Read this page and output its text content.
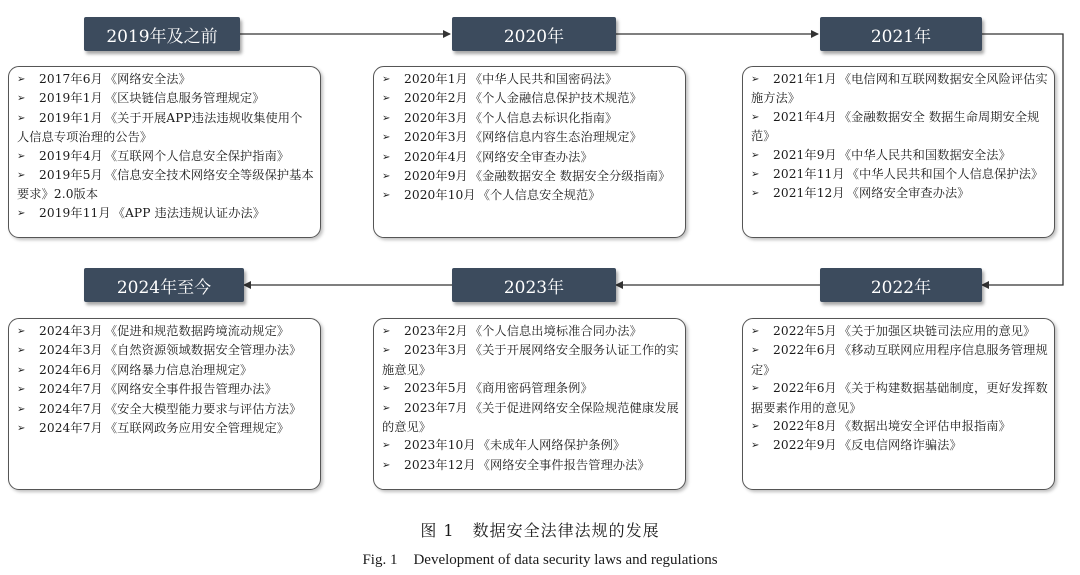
2019年及之前	2020年	2021年
2022年
2023年
2024年至今
➢2017年6月 《网络安全法》
➢2019年1月 《区块链信息服务管理规定》
➢2019年1月 《关于开展APP违法违规收集使用个人信息专项治理的公告》
➢2019年4月 《互联网个人信息安全保护指南》
➢2019年5月 《信息安全技术网络安全等级保护基本要求》2.0版本
➢2019年11月 《APP 违法违规认证办法》
➢2020年1月 《中华人民共和国密码法》
➢2020年2月 《个人金融信息保护技术规范》
➢2020年3月 《个人信息去标识化指南》
➢2020年3月 《网络信息内容生态治理规定》
➢2020年4月 《网络安全审查办法》
➢2020年9月 《金融数据安全 数据安全分级指南》
➢2020年10月 《个人信息安全规范》
➢2021年1月 《电信网和互联网数据安全风险评估实施方法》
➢2021年4月 《金融数据安全 数据生命周期安全规范》
➢2021年9月 《中华人民共和国数据安全法》
➢2021年11月 《中华人民共和国个人信息保护法》
➢2021年12月 《网络安全审查办法》
➢2024年3月 《促进和规范数据跨境流动规定》
➢2024年3月 《自然资源领域数据安全管理办法》
➢2024年6月 《网络暴力信息治理规定》
➢2024年7月 《网络安全事件报告管理办法》
➢2024年7月 《安全大模型能力要求与评估方法》
➢2024年7月 《互联网政务应用安全管理规定》
➢2023年2月 《个人信息出境标准合同办法》
➢2023年3月 《关于开展网络安全服务认证工作的实施意见》
➢2023年5月 《商用密码管理条例》
➢2023年7月 《关于促进网络安全保险规范健康发展的意见》
➢2023年10月 《未成年人网络保护条例》
➢2023年12月 《网络安全事件报告管理办法》
➢2022年5月 《关于加强区块链司法应用的意见》
➢2022年6月 《移动互联网应用程序信息服务管理规定》
➢2022年6月 《关于构建数据基础制度，更好发挥数据要素作用的意见》
➢2022年8月 《数据出境安全评估申报指南》
➢2022年9月 《反电信网络诈骗法》
图 1 数据安全法律法规的发展
Fig. 1 Development of data security laws and regulations
